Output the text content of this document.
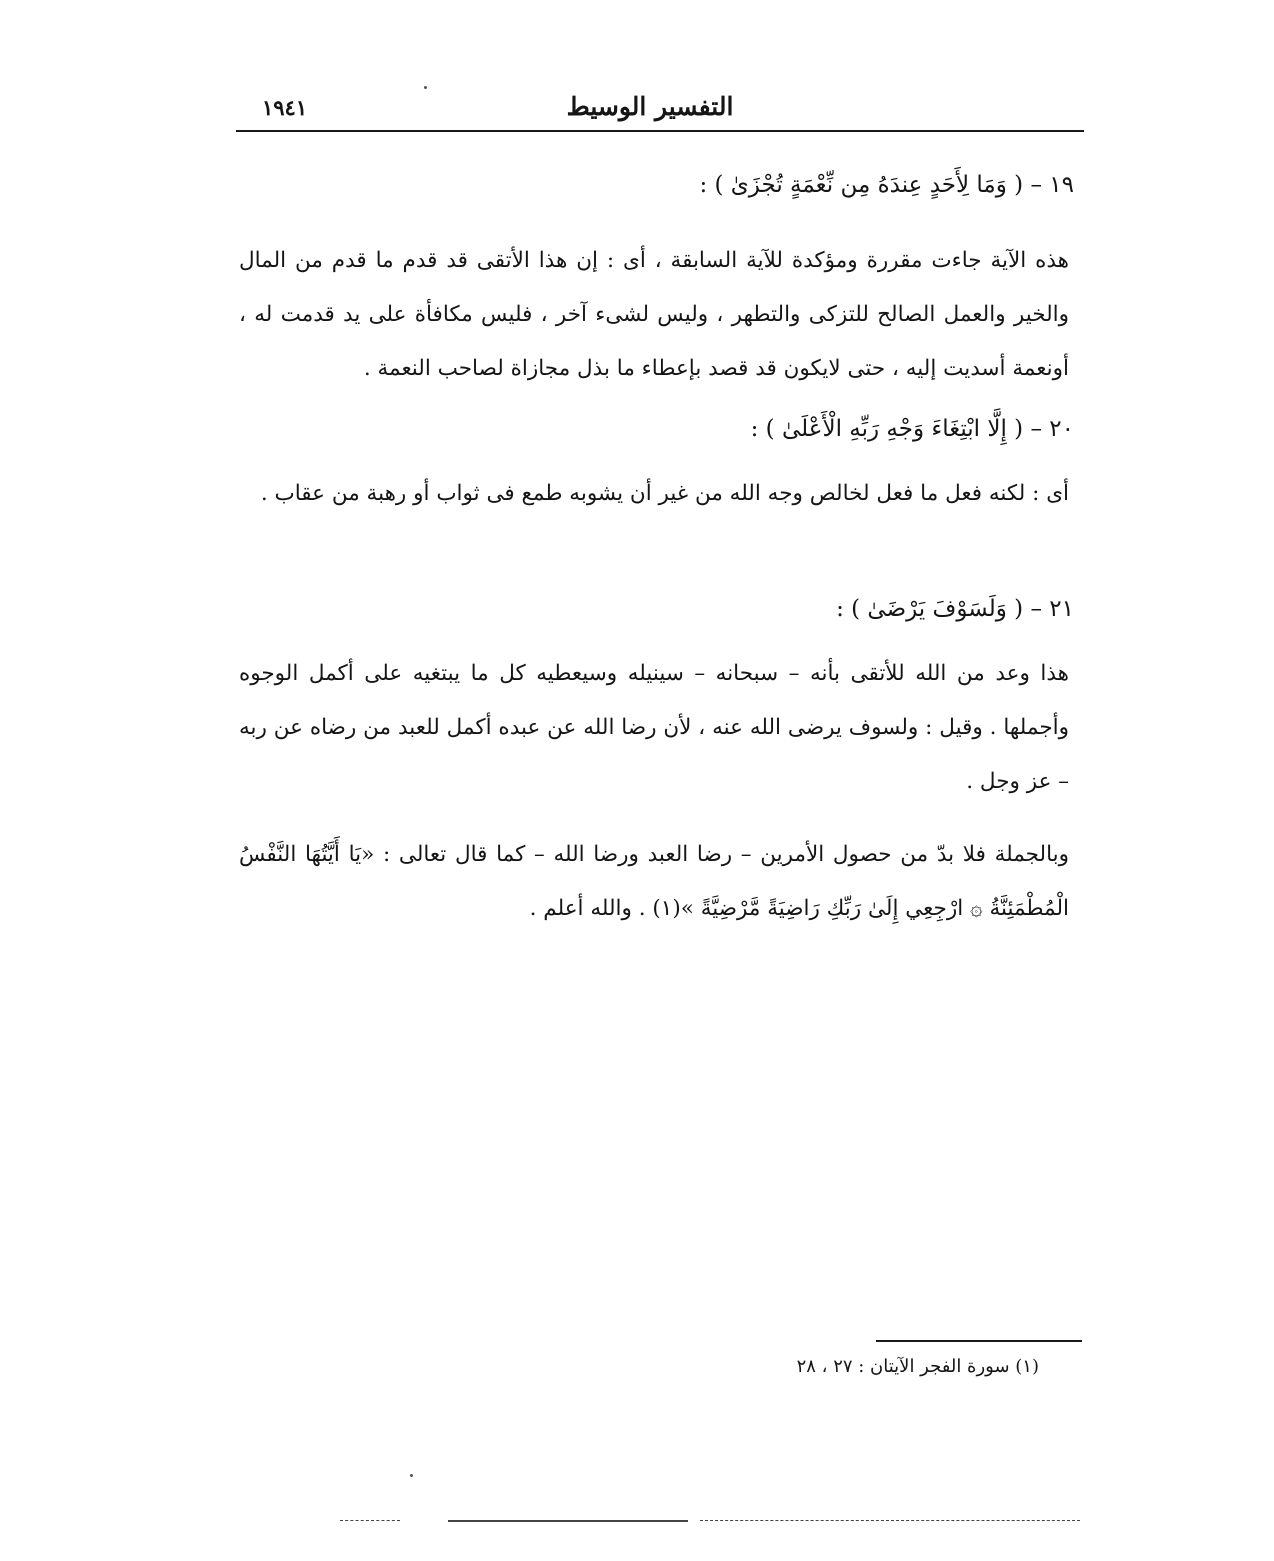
التفسير الوسيط
١٩٤١
١٩ – ( وَمَا لِأَحَدٍ عِندَهُ مِن نِّعْمَةٍ تُجْزَىٰ ) :
هذه الآية جاءت مقررة ومؤكدة للآية السابقة ، أى : إن هذا الأتقى قد قدم ما قدم من المال والخير والعمل الصالح للتزكى والتطهر ، وليس لشىء آخر ، فليس مكافأة على يد قدمت له ، أونعمة أسديت إليه ، حتى لايكون قد قصد بإعطاء ما بذل مجازاة لصاحب النعمة .
٢٠ – ( إِلَّا ابْتِغَاءَ وَجْهِ رَبِّهِ الْأَعْلَىٰ ) :
أى : لكنه فعل ما فعل لخالص وجه الله من غير أن يشوبه طمع فى ثواب أو رهبة من عقاب .
٢١ – ( وَلَسَوْفَ يَرْضَىٰ ) :
هذا وعد من الله للأتقى بأنه – سبحانه – سينيله وسيعطيه كل ما يبتغيه على أكمل الوجوه وأجملها . وقيل : ولسوف يرضى الله عنه ، لأن رضا الله عن عبده أكمل للعبد من رضاه عن ربه – عز وجل .
وبالجملة فلا بدّ من حصول الأمرين – رضا العبد ورضا الله – كما قال تعالى : «يَا أَيَّتُهَا النَّفْسُ الْمُطْمَئِنَّةُ ۞ ارْجِعِي إِلَىٰ رَبِّكِ رَاضِيَةً مَّرْضِيَّةً »(١) . والله أعلم .
(١) سورة الفجر الآيتان : ٢٧ ، ٢٨
